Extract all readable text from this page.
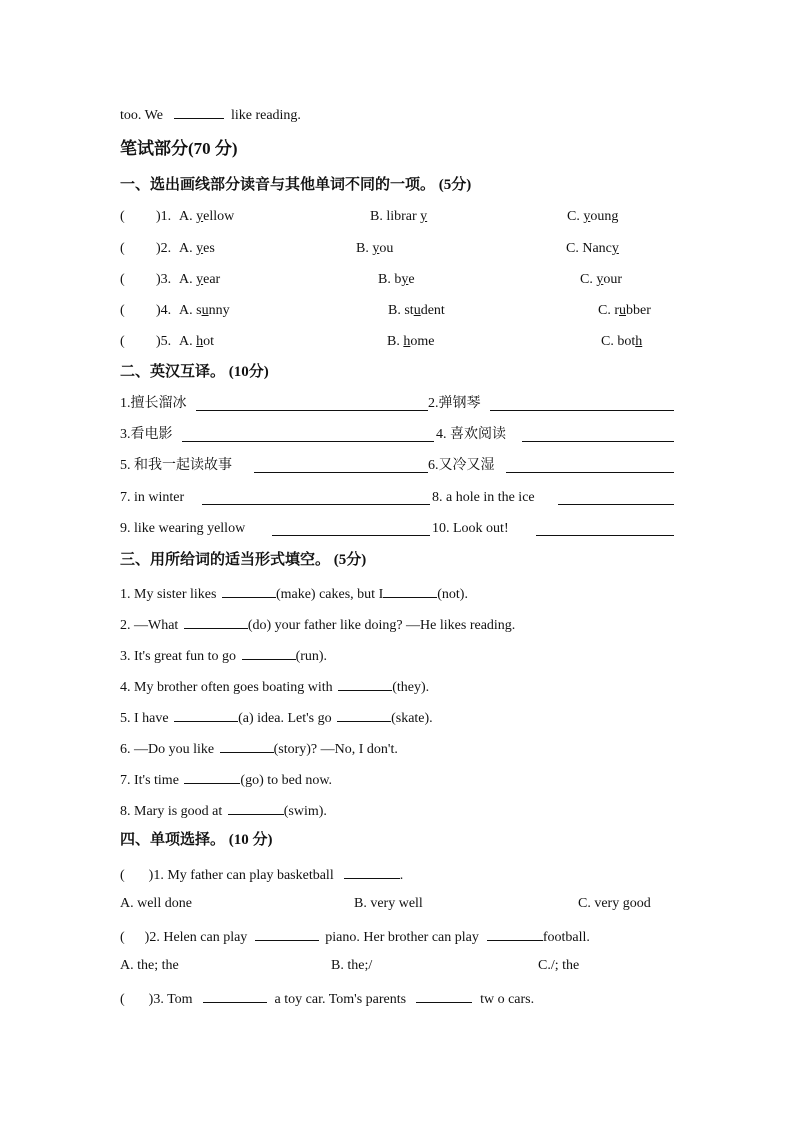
too. We	like reading.
笔试部分(70 分)
一、选出画线部分读音与其他单词不同的一项。 (5分)
( )1. A. yellow	B. librar y	C. young
( )2. A. yes	B. you	C. Nancy
( )3. A. year	B. bye	C. your
( )4. A. sunny	B. student	C. rubber
( )5. A. hot	B. home	C. both
二、英汉互译。 (10分)
1.擅长溜冰	2.弹钢琴
3.看电影	4. 喜欢阅读
5. 和我一起读故事	6.又冷又湿
7. in winter	8. a hole in the ice
9. like wearing yellow	10. Look out!
三、用所给词的适当形式填空。 (5分)
1. My sister likes	(make) cakes, but I	(not).
2. —What	(do) your father like doing? —He likes reading.
3. It's great fun to go	(run).
4. My brother often goes boating with	(they).
5. I have	(a) idea. Let's go	(skate).
6. —Do you like	(story)? —No, I don't.
7. It's time	(go) to bed now.
8. Mary is good at	(swim).
四、单项选择。 (10 分)
( )1. My father can play basketball	.
A. well done	B. very well	C. very good
( )2. Helen can play	piano. Her brother can play	football.
A. the; the	B. the;/	C./; the
( )3. Tom	a toy car. Tom's parents	tw o cars.
